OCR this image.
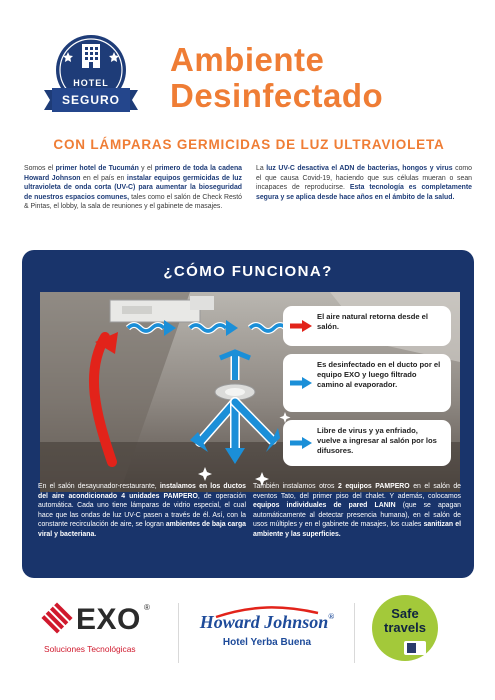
HOTEL
SEGURO
Ambiente
Desinfectado
CON LÁMPARAS GERMICIDAS DE LUZ ULTRAVIOLETA
Somos el primer hotel de Tucumán y el primero de toda la cadena Howard Johnson en el país en instalar equipos germicidas de luz ultravioleta de onda corta (UV-C) para aumentar la bioseguridad de nuestros espacios comunes, tales como el salón de Check Restó & Pintas, el lobby, la sala de reuniones y el gabinete de masajes.
La luz UV-C desactiva el ADN de bacterias, hongos y virus como el que causa Covid-19, haciendo que sus células mueran o sean incapaces de reproducirse. Esta tecnología es completamente segura y se aplica desde hace años en el ámbito de la salud.
¿CÓMO FUNCIONA?
El aire natural retorna desde el salón.
Es desinfectado en el ducto por el equipo EXO y luego filtrado camino al evaporador.
Libre de virus y ya enfriado, vuelve a ingresar al salón por los difusores.
En el salón desayunador-restaurante, instalamos en los ductos del aire acondicionado 4 unidades PAMPERO, de operación automática. Cada uno tiene lámparas de vidrio especial, el cual hace que las ondas de luz UV-C pasen a través de él. Así, con la constante recirculación de aire, se logran ambientes de baja carga viral y bacteriana.
También instalamos otros 2 equipos PAMPERO en el salón de eventos Tato, del primer piso del chalet. Y además, colocamos equipos individuales de pared LANIN (que se apagan automáticamente al detectar presencia humana), en el salón de usos múltiples y en el gabinete de masajes, los cuales sanitizan el ambiente y las superficies.
EXO ®
Soluciones Tecnológicas
Howard Johnson®
Hotel Yerba Buena
Safe
travels
